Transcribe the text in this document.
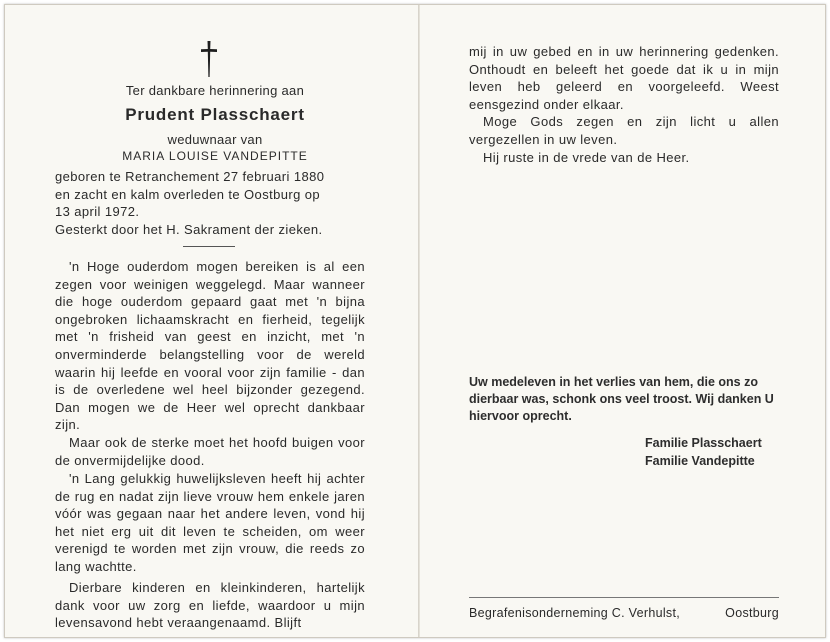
Ter dankbare herinnering aan
Prudent Plasschaert
weduwnaar van
MARIA LOUISE VANDEPITTE

geboren te Retranchement 27 februari 1880

en zacht en kalm overleden te Oostburg op

13 april 1972.

Gesterkt door het H. Sakrament der zieken.

'n Hoge ouderdom mogen bereiken is al een zegen voor weinigen weggelegd. Maar wanneer die hoge ouderdom gepaard gaat met 'n bijna ongebroken lichaamskracht en fierheid, tegelijk met 'n frisheid van geest en inzicht, met 'n onverminderde belangstelling voor de wereld waarin hij leefde en vooral voor zijn familie - dan is de overledene wel heel bijzonder gezegend. Dan mogen we de Heer wel oprecht dankbaar zijn.

Maar ook de sterke moet het hoofd buigen voor de onvermijdelijke dood.

'n Lang gelukkig huwelijksleven heeft hij achter de rug en nadat zijn lieve vrouw hem enkele jaren vóór was gegaan naar het andere leven, vond hij het niet erg uit dit leven te scheiden, om weer verenigd te worden met zijn vrouw, die reeds zo lang wachtte.

Dierbare kinderen en kleinkinderen, hartelijk dank voor uw zorg en liefde, waardoor u mijn levensavond hebt veraangenaamd. Blijft

mij in uw gebed en in uw herinnering gedenken. Onthoudt en beleeft het goede dat ik u in mijn leven heb geleerd en voorgeleefd. Weest eensgezind onder elkaar.

Moge Gods zegen en zijn licht u allen vergezellen in uw leven.

Hij ruste in de vrede van de Heer.

Uw medeleven in het verlies van hem, die ons zo dierbaar was, schonk ons veel troost. Wij danken U hiervoor oprecht.
Familie Plasschaert
Familie Vandepitte
Begrafenisonderneming C. Verhulst,	Oostburg
